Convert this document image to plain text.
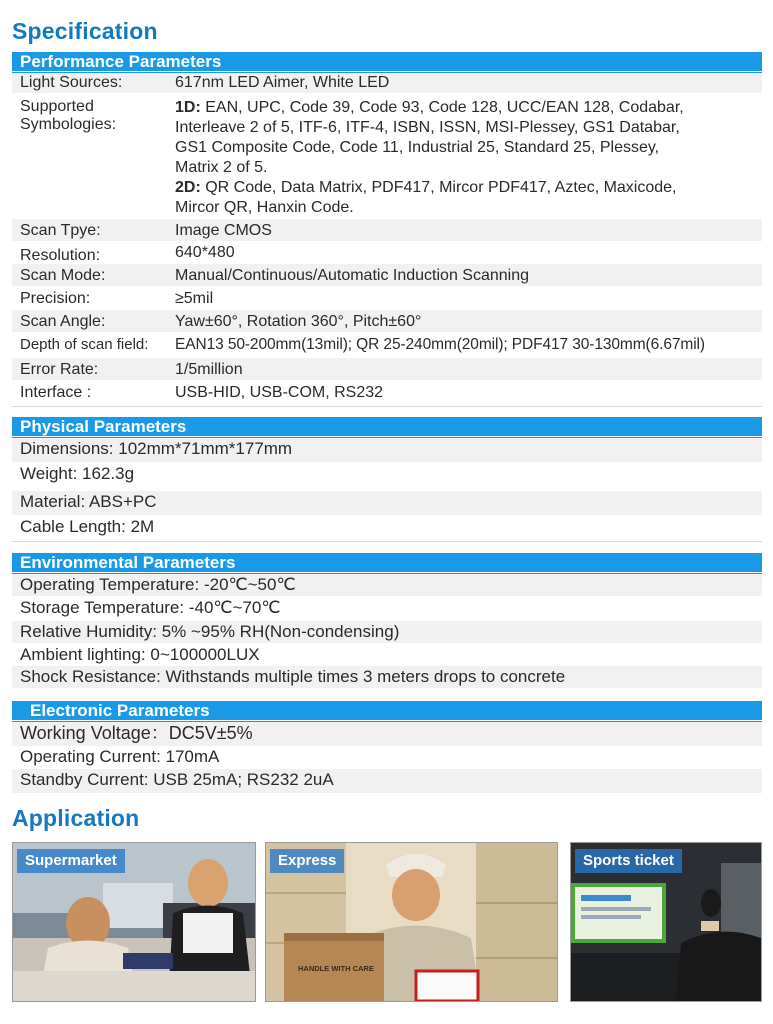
Specification
Performance Parameters
Light Sources:	617nm LED Aimer, White LED
Supported
Symbologies:
1D: EAN, UPC, Code 39, Code 93, Code 128, UCC/EAN 128, Codabar,
Interleave 2 of 5, ITF-6, ITF-4, ISBN, ISSN, MSI-Plessey, GS1 Databar,
GS1 Composite Code, Code 11, Industrial 25, Standard 25, Plessey,
Matrix 2 of 5.
2D: QR Code, Data Matrix, PDF417, Mircor PDF417, Aztec, Maxicode,
Mircor QR, Hanxin Code.
Scan Tpye:	Image CMOS
Resolution:	640*480
Scan Mode:	Manual/Continuous/Automatic Induction Scanning
Precision:	≥5mil
Scan Angle:	Yaw±60°, Rotation 360°, Pitch±60°
Depth of scan field: EAN13 50-200mm(13mil); QR 25-240mm(20mil); PDF417 30-130mm(6.67mil)
Error Rate:	1/5million
Interface :	USB-HID, USB-COM, RS232
Physical Parameters
Dimensions: 102mm*71mm*177mm
Weight: 162.3g
Material: ABS+PC
Cable Length: 2M
Environmental Parameters
Operating Temperature: -20℃~50℃
Storage Temperature: -40℃~70℃
Relative Humidity: 5% ~95% RH(Non-condensing)
Ambient lighting: 0~100000LUX
Shock Resistance: Withstands multiple times 3 meters drops to concrete
Electronic Parameters
Working Voltage：DC5V±5%
Operating Current: 170mA
Standby Current: USB 25mA; RS232 2uA
Application
Supermarket
HANDLE WITH CARE
Express	Sports ticket
